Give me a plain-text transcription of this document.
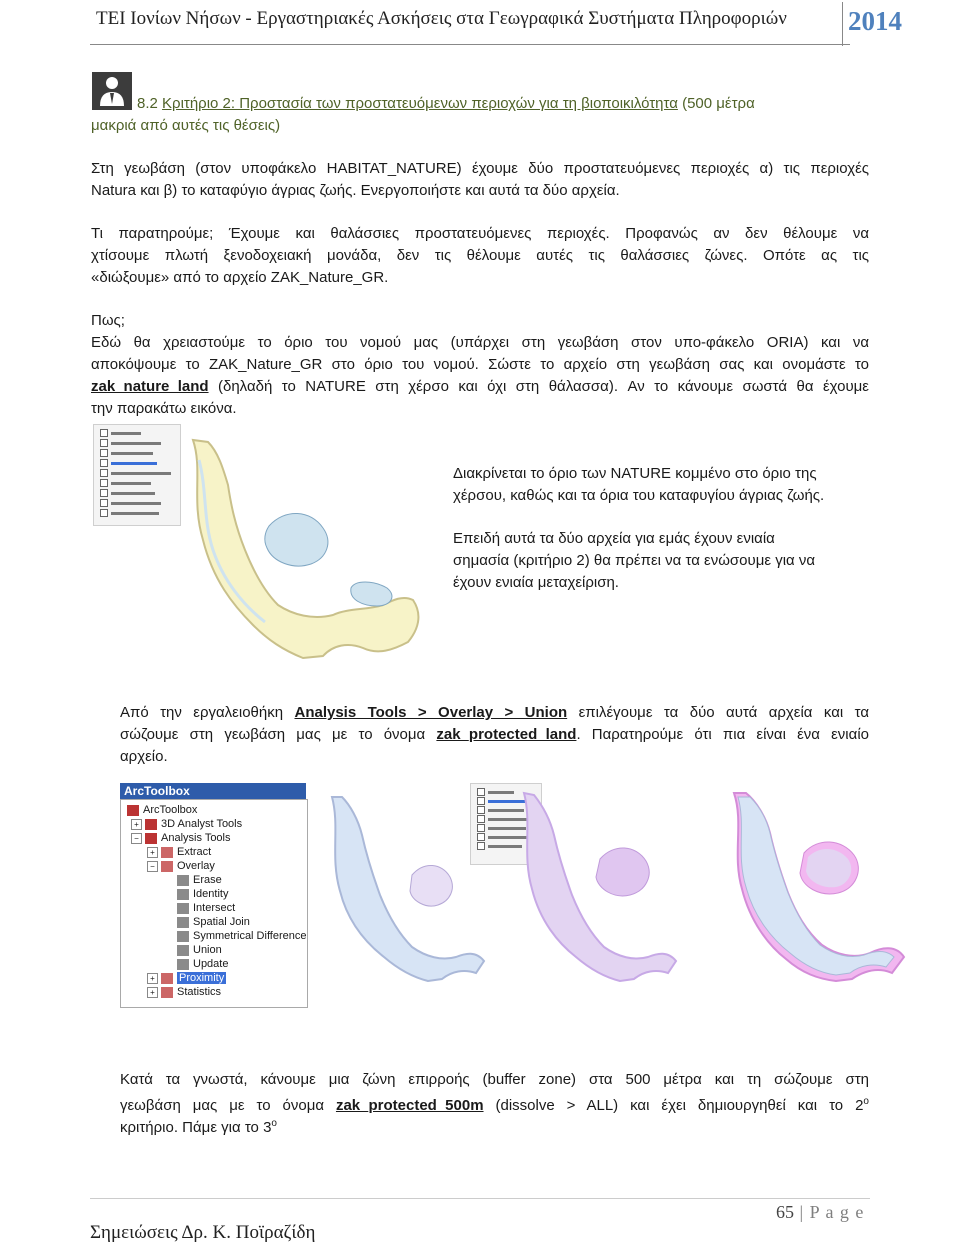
ΤΕΙ Ιονίων Νήσων - Εργαστηριακές Ασκήσεις στα Γεωγραφικά Συστήματα Πληροφοριών 2014
8.2 Κριτήριο 2: Προστασία των προστατευόμενων περιοχών για τη βιοποικιλότητα (500 μέτρα
μακριά από αυτές τις θέσεις)
Στη γεωβάση (στον υποφάκελο HABITAT_NATURE) έχουμε δύο προστατευόμενες περιοχές α) τις περιοχές
Natura και β) το καταφύγιο άγριας ζωής. Ενεργοποιήστε και αυτά τα δύο αρχεία.
Τι παρατηρούμε; Έχουμε και θαλάσσιες προστατευόμενες περιοχές. Προφανώς αν δεν θέλουμε να
χτίσουμε πλωτή ξενοδοχειακή μονάδα, δεν τις θέλουμε αυτές τις θαλάσσιες ζώνες. Οπότε ας τις
«διώξουμε» από το αρχείο ZAK_Nature_GR.
Πως;
Εδώ θα χρειαστούμε το όριο του νομού μας (υπάρχει στη γεωβάση στον υπο-φάκελο ORIA) και να
αποκόψουμε το ZAK_Nature_GR στο όριο του νομού. Σώστε το αρχείο στη γεωβάση σας και ονομάστε το
zak_nature_land (δηλαδή το NATURE στη χέρσο και όχι στη θάλασσα). Αν το κάνουμε σωστά θα έχουμε
την παρακάτω εικόνα.
Διακρίνεται το όριο των NATURE κομμένο στο όριο της
χέρσου, καθώς και τα όρια του καταφυγίου άγριας ζωής.
Επειδή αυτά τα δύο αρχεία για εμάς έχουν ενιαία
σημασία (κριτήριο 2) θα πρέπει να τα ενώσουμε για να
έχουν ενιαία μεταχείριση.
Από την εργαλειοθήκη Analysis Tools > Overlay > Union επιλέγουμε τα δύο αυτά αρχεία και τα
σώζουμε στη γεωβάση μας με το όνομα zak_protected_land. Παρατηρούμε ότι πια είναι ένα ενιαίο
αρχείο.
ArcToolbox
ArcToolbox
+ 3D Analyst Tools
− Analysis Tools
+ Extract
− Overlay
Erase
Identity
Intersect
Spatial Join
Symmetrical Difference
Union
Update
+ Proximity
+ Statistics
Κατά τα γνωστά, κάνουμε μια ζώνη επιρροής (buffer zone) στα 500 μέτρα και τη σώζουμε στη
γεωβάση μας με το όνομα zak_protected_500m (dissolve > ALL) και έχει δημιουργηθεί και το $2^o$
κριτήριο. Πάμε για το $3^o$
65 | P a g e
Σημειώσεις Δρ. Κ. Ποϊραζίδη
